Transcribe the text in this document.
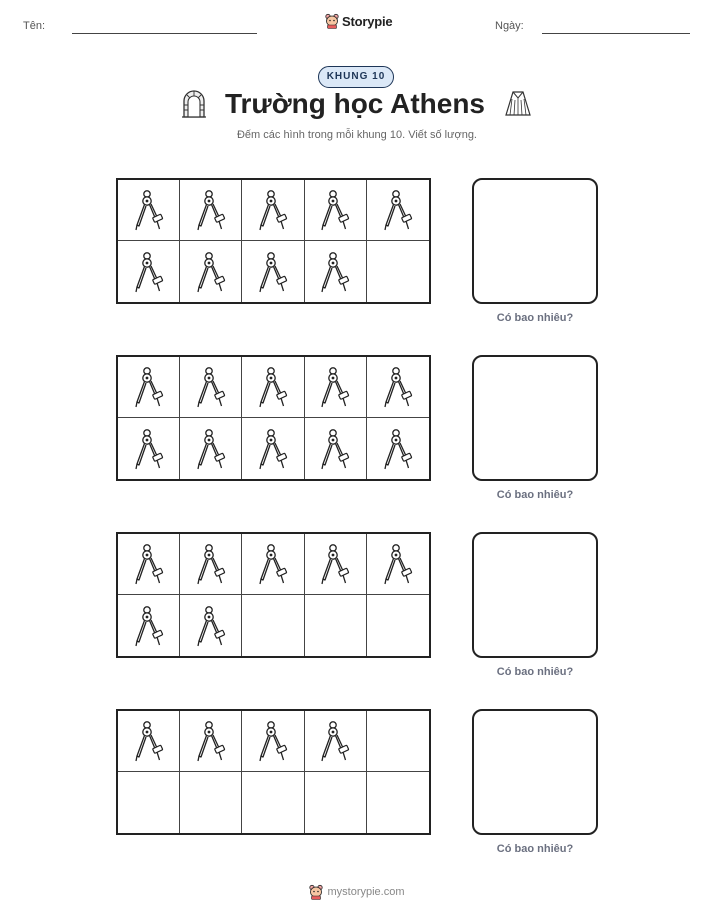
Tên:	Storypie	Ngày:
KHUNG 10
Trường học Athens
Đếm các hình trong mỗi khung 10. Viết số lượng.
Có bao nhiêu?
Có bao nhiêu?
Có bao nhiêu?
Có bao nhiêu?
mystorypie.com
